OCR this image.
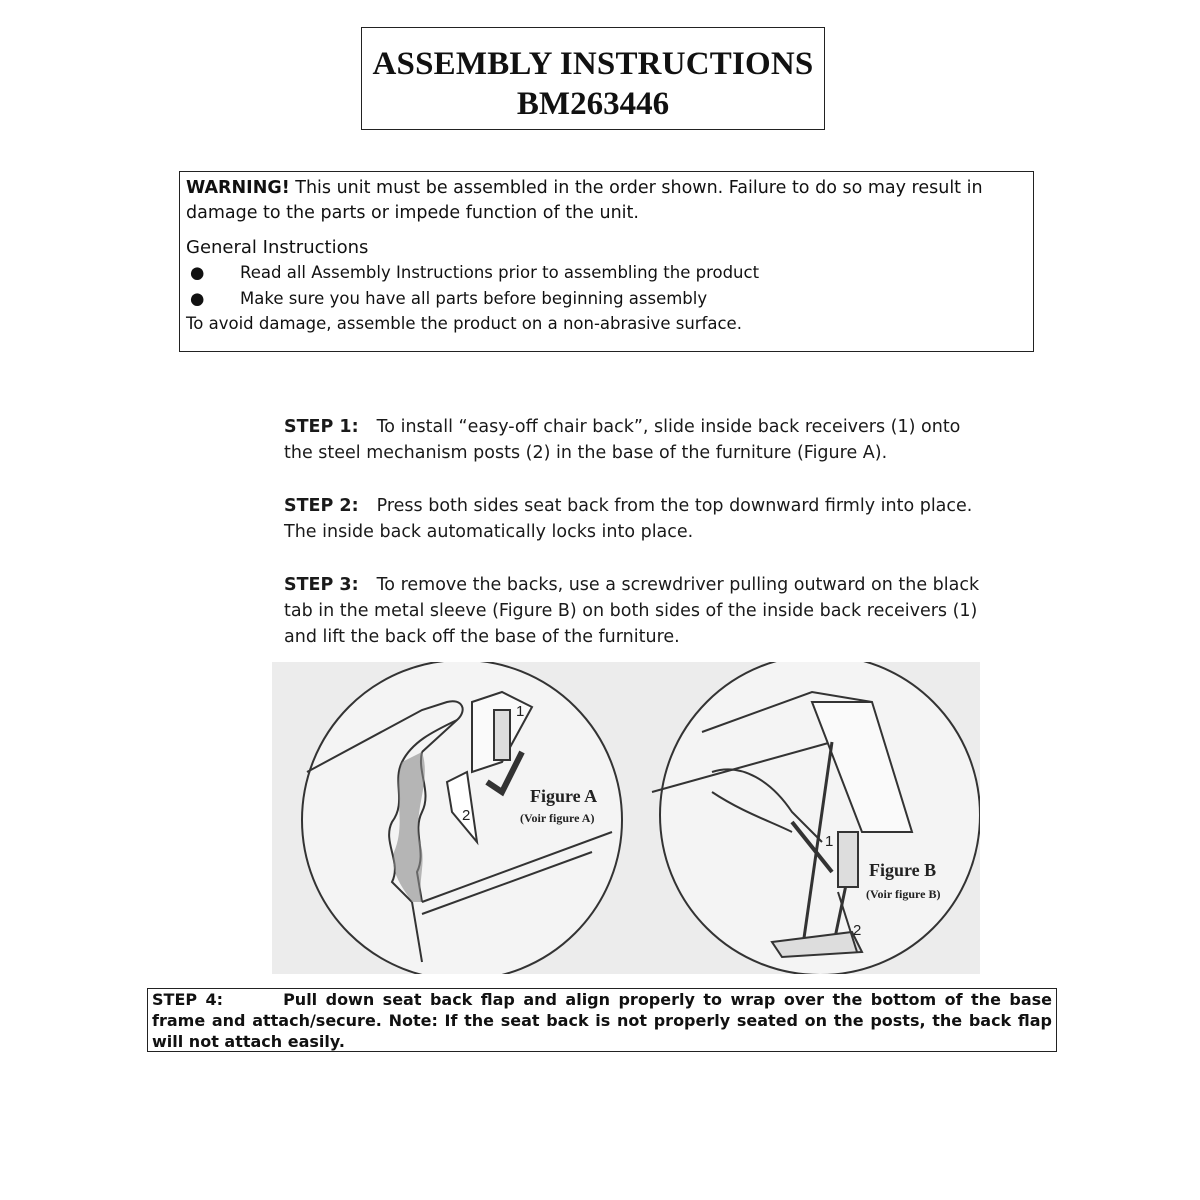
ASSEMBLY INSTRUCTIONS
BM263446

WARNING! This unit must be assembled in the order shown. Failure to do so may result in damage to the parts or impede function of the unit.

General Instructions
● Read all Assembly Instructions prior to assembling the product
● Make sure you have all parts before beginning assembly
To avoid damage, assemble the product on a non-abrasive surface.

STEP 1: To install “easy-off chair back”, slide inside back receivers (1) onto the steel mechanism posts (2) in the base of the furniture (Figure A).

STEP 2: Press both sides seat back from the top downward firmly into place. The inside back automatically locks into place.

STEP 3: To remove the backs, use a screwdriver pulling outward on the black tab in the metal sleeve (Figure B) on both sides of the inside back receivers (1) and lift the back off the base of the furniture.

1
2
Figure A
(Voir figure A)
1
2
Figure B
(Voir figure B)
STEP 4:	Pull down seat back flap and align properly to wrap over the bottom of the base frame and attach/secure. Note: If the seat back is not properly seated on the posts, the back flap will not attach easily.
